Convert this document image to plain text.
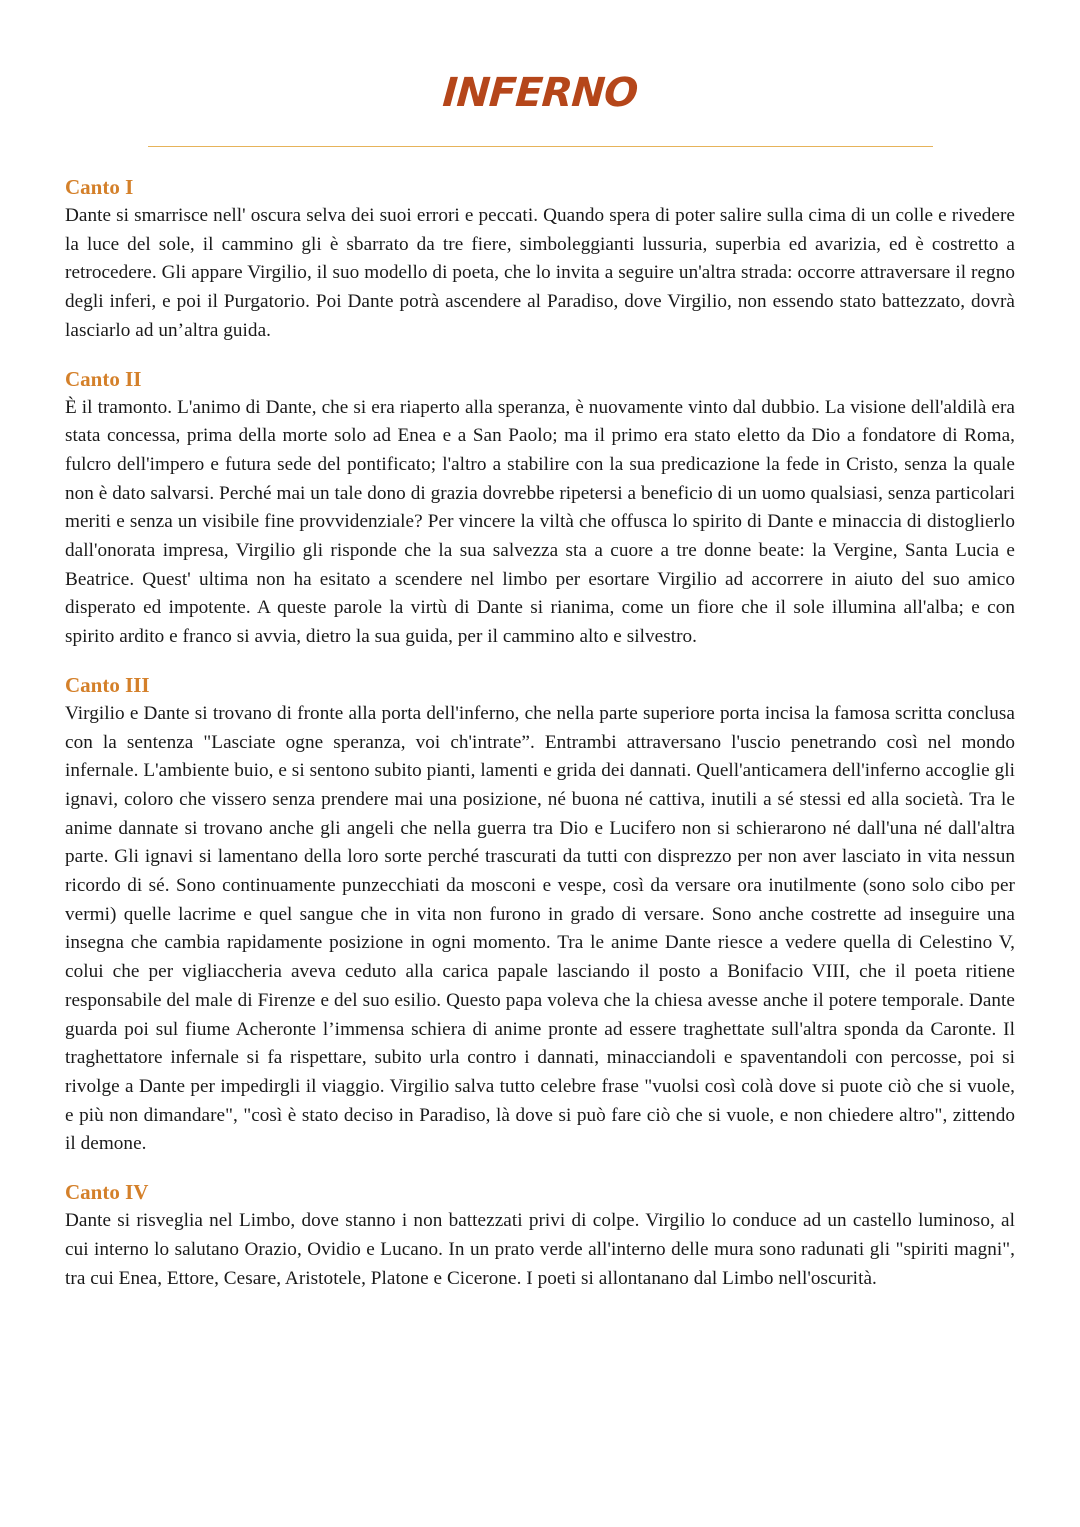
INFERNO
Canto I

Dante si smarrisce nell' oscura selva dei suoi errori e peccati. Quando spera di poter salire sulla cima di un colle e rivedere la luce del sole, il cammino gli è sbarrato da tre fiere, simboleggianti lussuria, superbia ed avarizia, ed è costretto a retrocedere. Gli appare Virgilio, il suo modello di poeta, che lo invita a seguire un'altra strada: occorre attraversare il regno degli inferi, e poi il Purgatorio. Poi Dante potrà ascendere al Paradiso, dove Virgilio, non essendo stato battezzato, dovrà lasciarlo ad un’altra guida.

Canto II

È il tramonto. L'animo di Dante, che si era riaperto alla speranza, è nuovamente vinto dal dubbio. La visione dell'aldilà era stata concessa, prima della morte solo ad Enea e a San Paolo; ma il primo era stato eletto da Dio a fondatore di Roma, fulcro dell'impero e futura sede del pontificato; l'altro a stabilire con la sua predicazione la fede in Cristo, senza la quale non è dato salvarsi. Perché mai un tale dono di grazia dovrebbe ripetersi a beneficio di un uomo qualsiasi, senza particolari meriti e senza un visibile fine provvidenziale? Per vincere la viltà che offusca lo spirito di Dante e minaccia di distoglierlo dall'onorata impresa, Virgilio gli risponde che la sua salvezza sta a cuore a tre donne beate: la Vergine, Santa Lucia e Beatrice. Quest' ultima non ha esitato a scendere nel limbo per esortare Virgilio ad accorrere in aiuto del suo amico disperato ed impotente. A queste parole la virtù di Dante si rianima, come un fiore che il sole illumina all'alba; e con spirito ardito e franco si avvia, dietro la sua guida, per il cammino alto e silvestro.

Canto III

Virgilio e Dante si trovano di fronte alla porta dell'inferno, che nella parte superiore porta incisa la famosa scritta conclusa con la sentenza "Lasciate ogne speranza, voi ch'intrate”. Entrambi attraversano l'uscio penetrando così nel mondo infernale. L'ambiente buio, e si sentono subito pianti, lamenti e grida dei dannati. Quell'anticamera dell'inferno accoglie gli ignavi, coloro che vissero senza prendere mai una posizione, né buona né cattiva, inutili a sé stessi ed alla società. Tra le anime dannate si trovano anche gli angeli che nella guerra tra Dio e Lucifero non si schierarono né dall'una né dall'altra parte. Gli ignavi si lamentano della loro sorte perché trascurati da tutti con disprezzo per non aver lasciato in vita nessun ricordo di sé. Sono continuamente punzecchiati da mosconi e vespe, così da versare ora inutilmente (sono solo cibo per vermi) quelle lacrime e quel sangue che in vita non furono in grado di versare. Sono anche costrette ad inseguire una insegna che cambia rapidamente posizione in ogni momento. Tra le anime Dante riesce a vedere quella di Celestino V, colui che per vigliaccheria aveva ceduto alla carica papale lasciando il posto a Bonifacio VIII, che il poeta ritiene responsabile del male di Firenze e del suo esilio. Questo papa voleva che la chiesa avesse anche il potere temporale. Dante guarda poi sul fiume Acheronte l’immensa schiera di anime pronte ad essere traghettate sull'altra sponda da Caronte. Il traghettatore infernale si fa rispettare, subito urla contro i dannati, minacciandoli e spaventandoli con percosse, poi si rivolge a Dante per impedirgli il viaggio. Virgilio salva tutto celebre frase "vuolsi così colà dove si puote ciò che si vuole, e più non dimandare", "così è stato deciso in Paradiso, là dove si può fare ciò che si vuole, e non chiedere altro", zittendo il demone.

Canto IV

Dante si risveglia nel Limbo, dove stanno i non battezzati privi di colpe. Virgilio lo conduce ad un castello luminoso, al cui interno lo salutano Orazio, Ovidio e Lucano. In un prato verde all'interno delle mura sono radunati gli "spiriti magni", tra cui Enea, Ettore, Cesare, Aristotele, Platone e Cicerone. I poeti si allontanano dal Limbo nell'oscurità.
